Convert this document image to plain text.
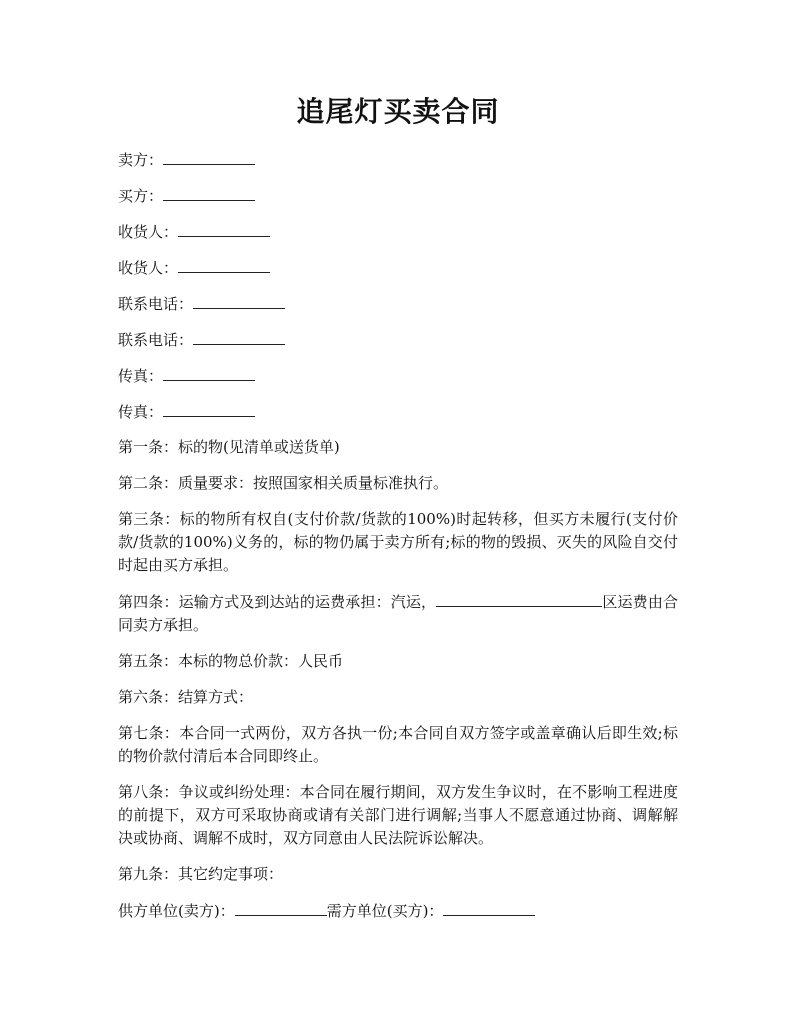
追尾灯买卖合同
卖方：
买方：
收货人：
收货人：
联系电话：
联系电话：
传真：
传真：
第一条：标的物(见清单或送货单)
第二条：质量要求：按照国家相关质量标准执行。
第三条：标的物所有权自(支付价款/货款的100%)时起转移，但买方未履行(支付价款/货款的100%)义务的，标的物仍属于卖方所有;标的物的毁损、灭失的风险自交付时起由买方承担。
第四条：运输方式及到达站的运费承担：汽运，	区运费由合同卖方承担。
第五条：本标的物总价款：人民币
第六条：结算方式：
第七条：本合同一式两份，双方各执一份;本合同自双方签字或盖章确认后即生效;标的物价款付清后本合同即终止。
第八条：争议或纠纷处理：本合同在履行期间，双方发生争议时，在不影响工程进度的前提下，双方可采取协商或请有关部门进行调解;当事人不愿意通过协商、调解解决或协商、调解不成时，双方同意由人民法院诉讼解决。
第九条：其它约定事项：
供方单位(卖方)：	需方单位(买方)：
